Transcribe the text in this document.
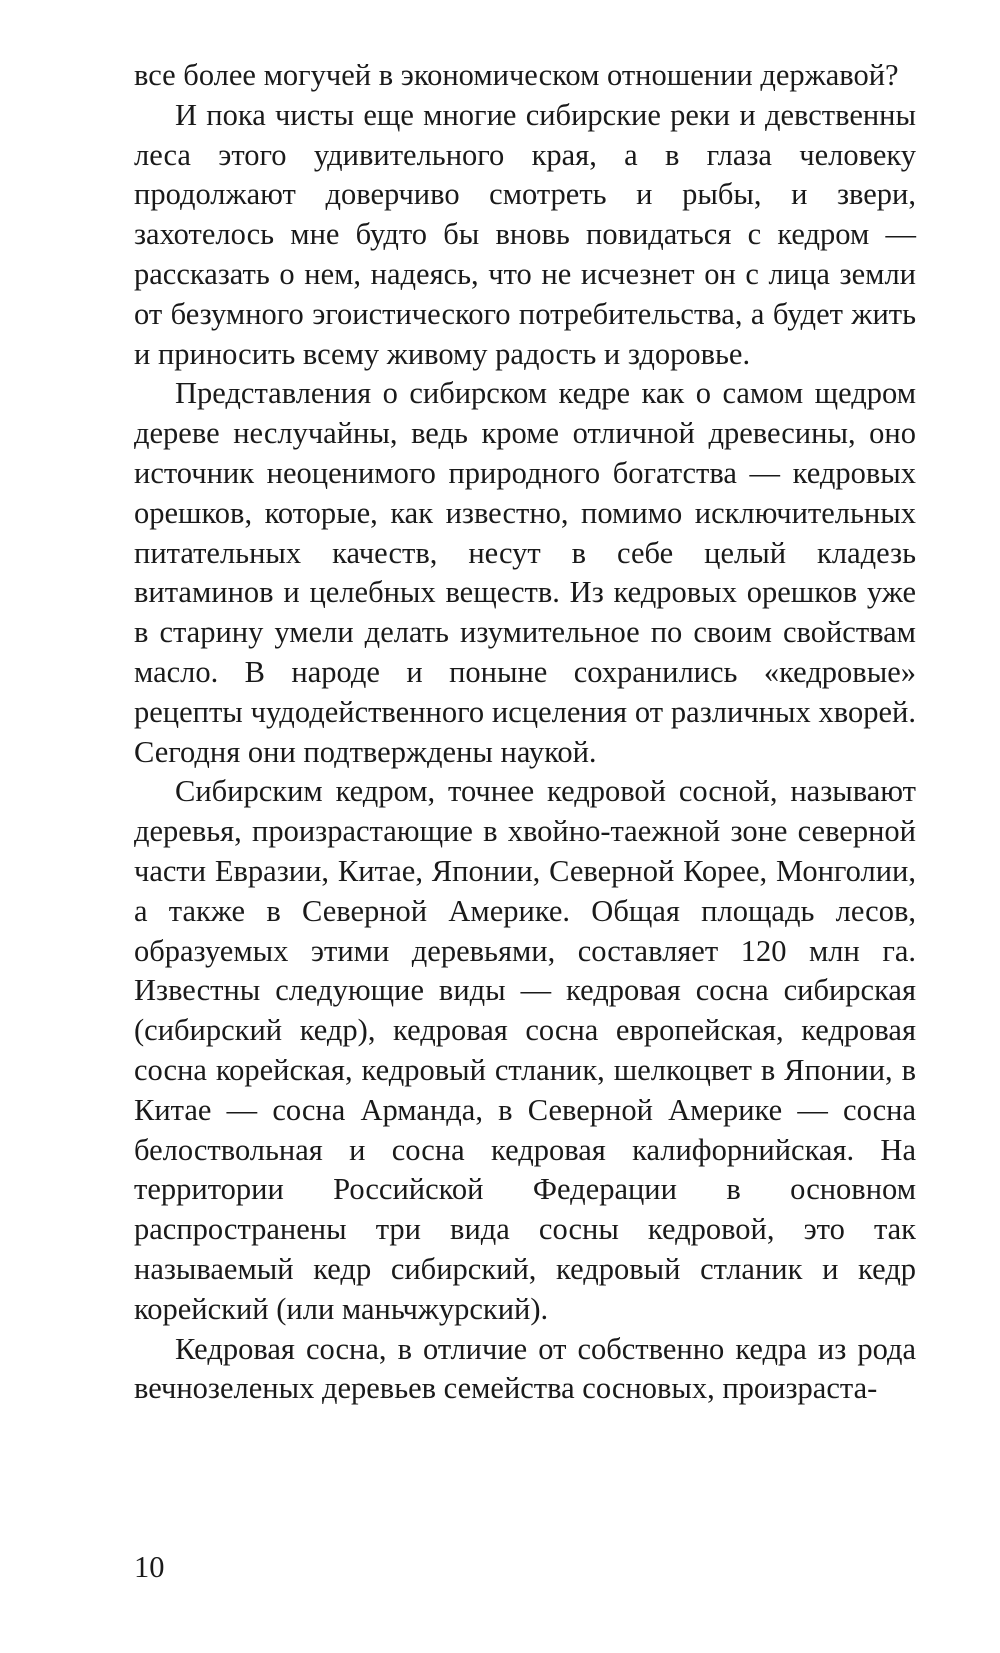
все более могучей в экономическом отношении державой?

И пока чисты еще многие сибирские реки и девственны леса этого удивительного края, а в глаза человеку продолжают доверчиво смотреть и рыбы, и звери, захотелось мне будто бы вновь повидаться с кедром — рассказать о нем, надеясь, что не исчезнет он с лица земли от безумного эгоистического потребительства, а будет жить и приносить всему живому радость и здоровье.

Представления о сибирском кедре как о самом щедром дереве неслучайны, ведь кроме отличной древесины, оно источник неоценимого природного богатства — кедровых орешков, которые, как известно, помимо исключительных питательных качеств, несут в себе целый кладезь витаминов и целебных веществ. Из кедровых орешков уже в старину умели делать изумительное по своим свойствам масло. В народе и поныне сохранились «кедровые» рецепты чудодейственного исцеления от различных хворей. Сегодня они подтверждены наукой.

Сибирским кедром, точнее кедровой сосной, называют деревья, произрастающие в хвойно-таежной зоне северной части Евразии, Китае, Японии, Северной Корее, Монголии, а также в Северной Америке. Общая площадь лесов, образуемых этими деревьями, составляет 120 млн га. Известны следующие виды — кедровая сосна сибирская (сибирский кедр), кедровая сосна европейская, кедровая сосна корейская, кедровый стланик, шелкоцвет в Японии, в Китае — сосна Арманда, в Северной Америке — сосна белоствольная и сосна кедровая калифорнийская. На территории Российской Федерации в основном распространены три вида сосны кедровой, это так называемый кедр сибирский, кедровый стланик и кедр корейский (или маньчжурский).

Кедровая сосна, в отличие от собственно кедра из рода вечнозеленых деревьев семейства сосновых, произраста-

10
